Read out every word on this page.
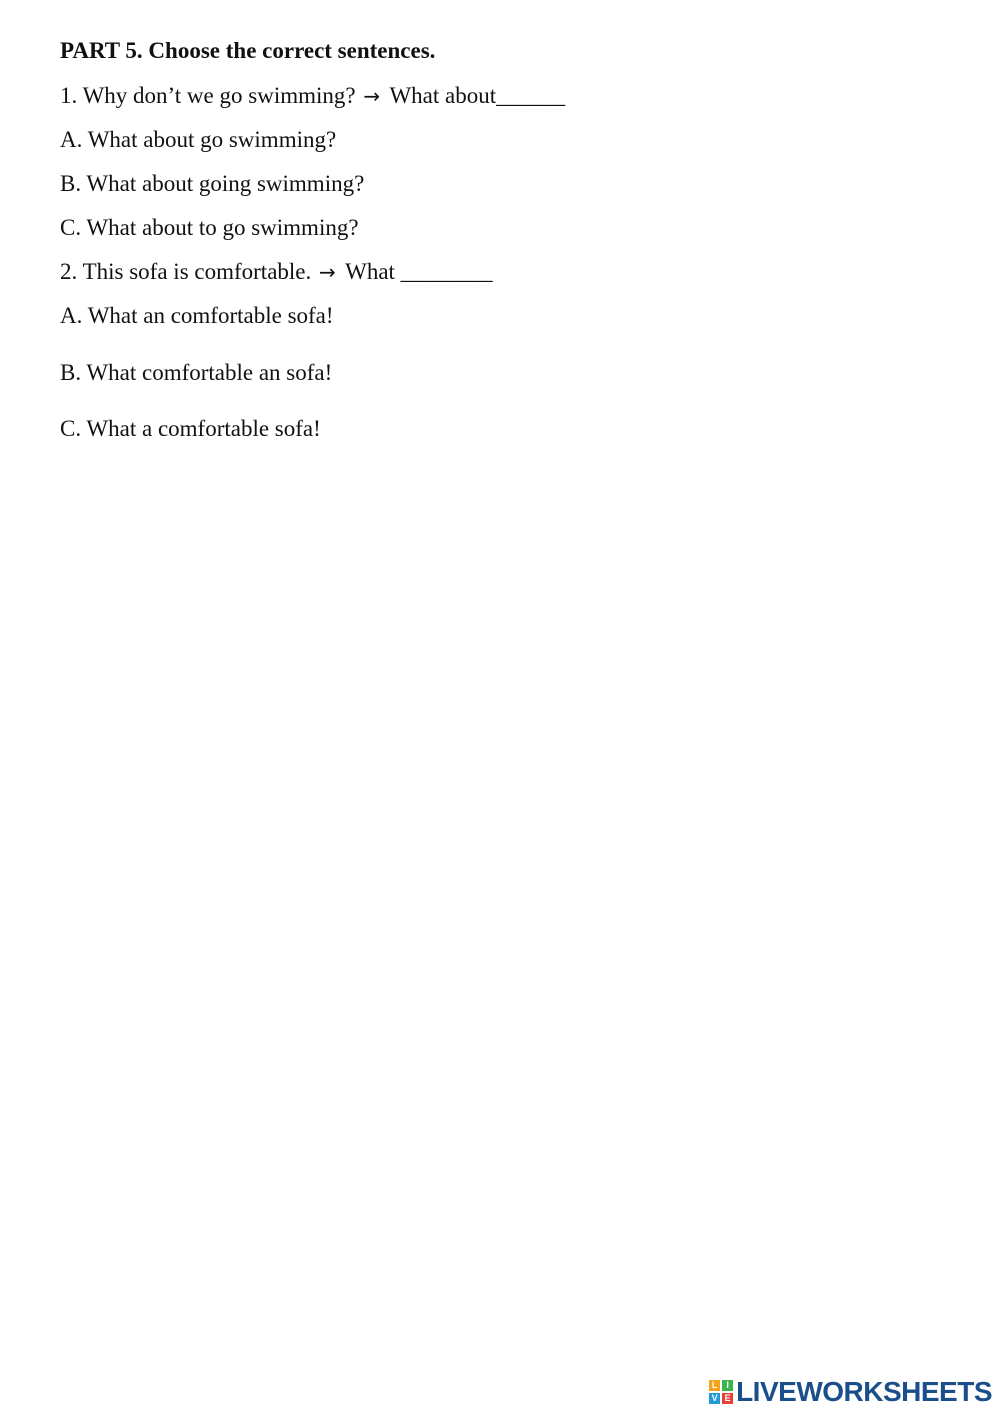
PART 5. Choose the correct sentences.
1. Why don’t we go swimming? → What about______
A. What about go swimming?
B. What about going swimming?
C. What about to go swimming?
2. This sofa is comfortable. → What ________
A. What an comfortable sofa!
B. What comfortable an sofa!
C. What a comfortable sofa!
L I
V E LIVEWORKSHEETS
